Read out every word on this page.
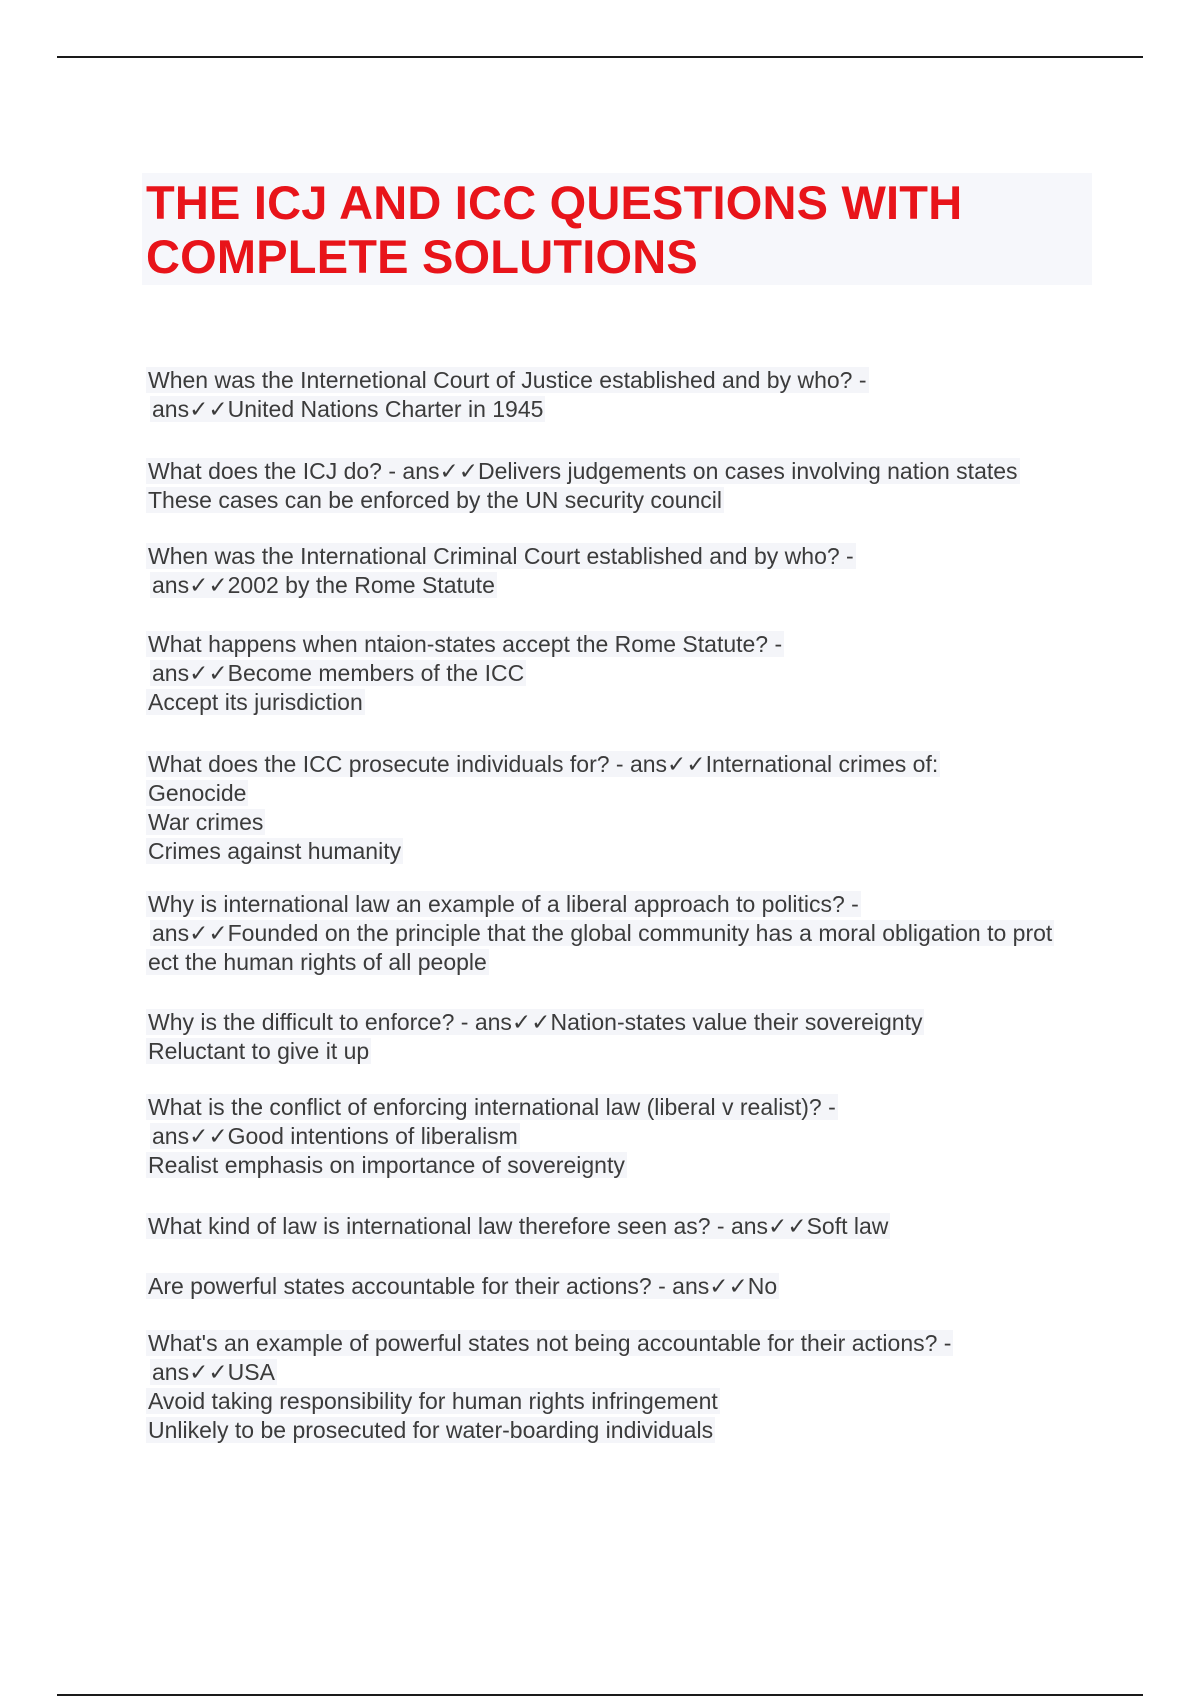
THE ICJ AND ICC QUESTIONS WITH
COMPLETE SOLUTIONS
When was the Internetional Court of Justice established and by who? -
ans✓✓United Nations Charter in 1945
What does the ICJ do? - ans✓✓Delivers judgements on cases involving nation states
These cases can be enforced by the UN security council
When was the International Criminal Court established and by who? -
ans✓✓2002 by the Rome Statute
What happens when ntaion-states accept the Rome Statute? -
ans✓✓Become members of the ICC
Accept its jurisdiction
What does the ICC prosecute individuals for? - ans✓✓International crimes of:
Genocide
War crimes
Crimes against humanity
Why is international law an example of a liberal approach to politics? -
ans✓✓Founded on the principle that the global community has a moral obligation to prot
ect the human rights of all people
Why is the difficult to enforce? - ans✓✓Nation-states value their sovereignty
Reluctant to give it up
What is the conflict of enforcing international law (liberal v realist)? -
ans✓✓Good intentions of liberalism
Realist emphasis on importance of sovereignty
What kind of law is international law therefore seen as? - ans✓✓Soft law
Are powerful states accountable for their actions? - ans✓✓No
What's an example of powerful states not being accountable for their actions? -
ans✓✓USA
Avoid taking responsibility for human rights infringement
Unlikely to be prosecuted for water-boarding individuals
